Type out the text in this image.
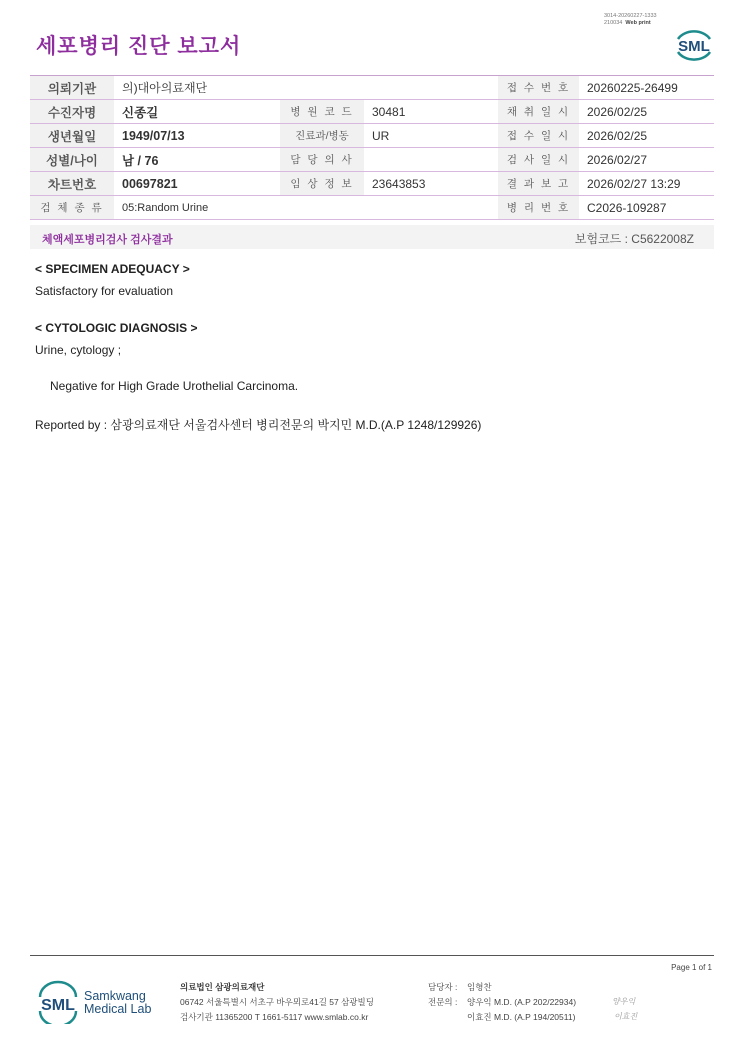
세포병리 진단 보고서
3014-20260227-1333
210034 Web print
SML
의뢰기관	의)대아의료재단			접 수 번 호	20260225-26499
수진자명	신종길	병 원 코 드	30481	채 취 일 시	2026/02/25
생년월일	1949/07/13	진료과/병동	UR	접 수 일 시	2026/02/25
성별/나이	남 / 76	담 당 의 사		검 사 일 시	2026/02/27
차트번호	00697821	임 상 정 보	23643853	결 과 보 고	2026/02/27 13:29
검 체 종 류	05:Random Urine			병 리 번 호	C2026-109287
체액세포병리검사 검사결과	보험코드 : C5622008Z
< SPECIMEN ADEQUACY >
Satisfactory for evaluation
< CYTOLOGIC DIAGNOSIS >
Urine, cytology ;
Negative for High Grade Urothelial Carcinoma.
Reported by : 삼광의료재단 서울검사센터 병리전문의 박지민 M.D.(A.P 1248/129926)
Page 1 of 1
SML
Samkwang
Medical Lab
의료법인 삼광의료재단
06742 서울특별시 서초구 바우뫼로41길 57 삼광빌딩
검사기관 11365200 T 1661-5117 www.smlab.co.kr
담당자 : 임형찬
전문의 : 양우익 M.D. (A.P 202/22934)
이효진 M.D. (A.P 194/20511)
양우익
이효진
